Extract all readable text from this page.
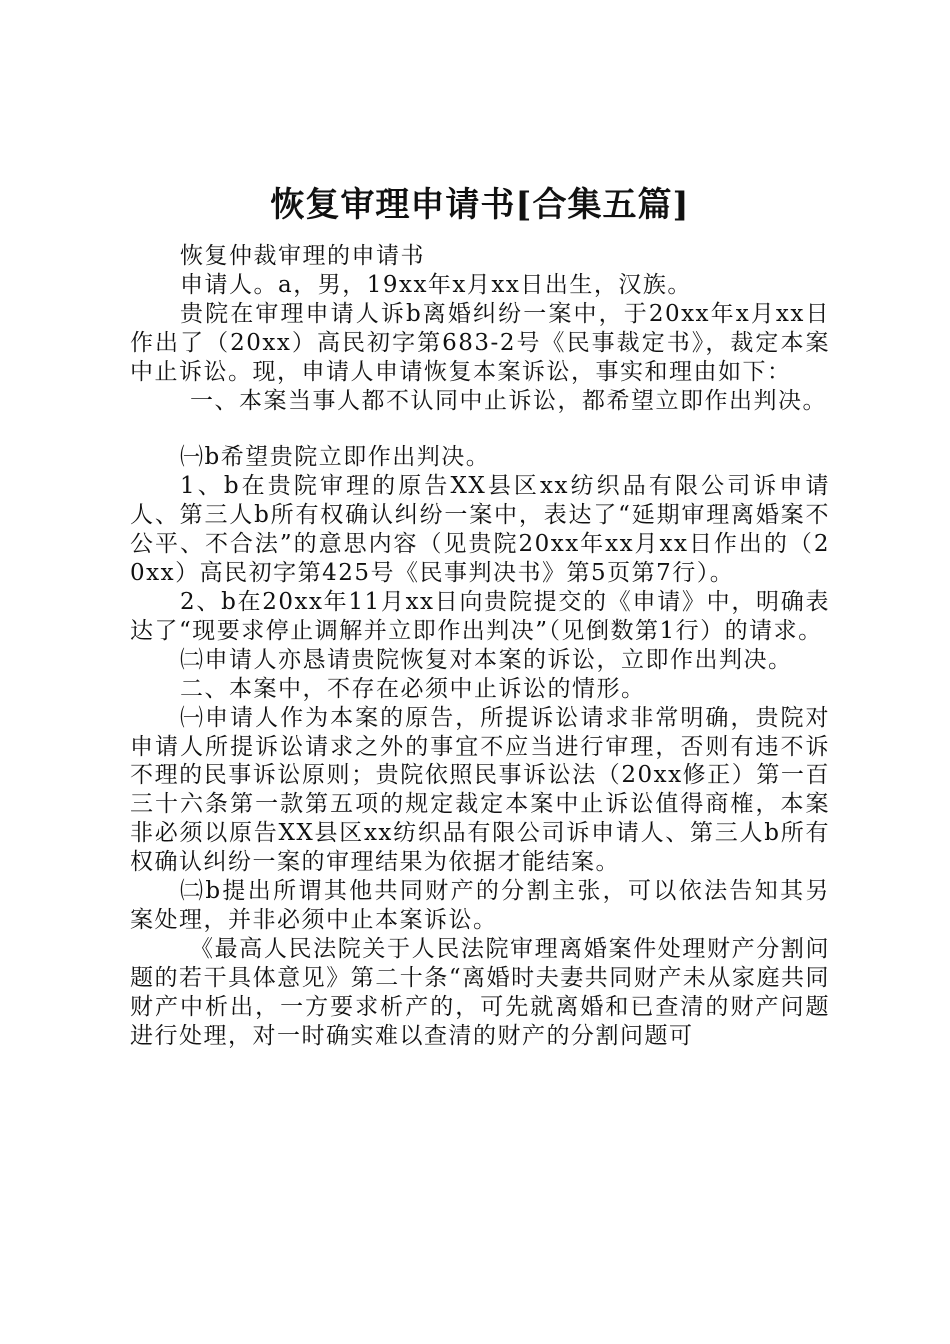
恢复审理申请书[合集五篇]

恢复仲裁审理的申请书

申请人。a，男，19xx年x月xx日出生，汉族。

贵院在审理申请人诉b离婚纠纷一案中，于20xx年x月xx日作出了（20xx）高民初字第683-2号《民事裁定书》，裁定本案中止诉讼。现，申请人申请恢复本案诉讼，事实和理由如下：

一、本案当事人都不认同中止诉讼，都希望立即作出判决。

㈠b希望贵院立即作出判决。

1、b在贵院审理的原告XX县区xx纺织品有限公司诉申请人、第三人b所有权确认纠纷一案中，表达了“延期审理离婚案不公平、不合法”的意思内容（见贵院20xx年xx月xx日作出的（20xx）高民初字第425号《民事判决书》第5页第7行）。

2、b在20xx年11月xx日向贵院提交的《申请》中，明确表达了“现要求停止调解并立即作出判决”（见倒数第1行）的请求。

㈡申请人亦恳请贵院恢复对本案的诉讼，立即作出判决。

二、本案中，不存在必须中止诉讼的情形。

㈠申请人作为本案的原告，所提诉讼请求非常明确，贵院对申请人所提诉讼请求之外的事宜不应当进行审理，否则有违不诉不理的民事诉讼原则；贵院依照民事诉讼法（20xx修正）第一百三十六条第一款第五项的规定裁定本案中止诉讼值得商榷，本案非必须以原告XX县区xx纺织品有限公司诉申请人、第三人b所有权确认纠纷一案的审理结果为依据才能结案。

㈡b提出所谓其他共同财产的分割主张，可以依法告知其另案处理，并非必须中止本案诉讼。

《最高人民法院关于人民法院审理离婚案件处理财产分割问题的若干具体意见》第二十条“离婚时夫妻共同财产未从家庭共同财产中析出，一方要求析产的，可先就离婚和已查清的财产问题进行处理，对一时确实难以查清的财产的分割问题可
